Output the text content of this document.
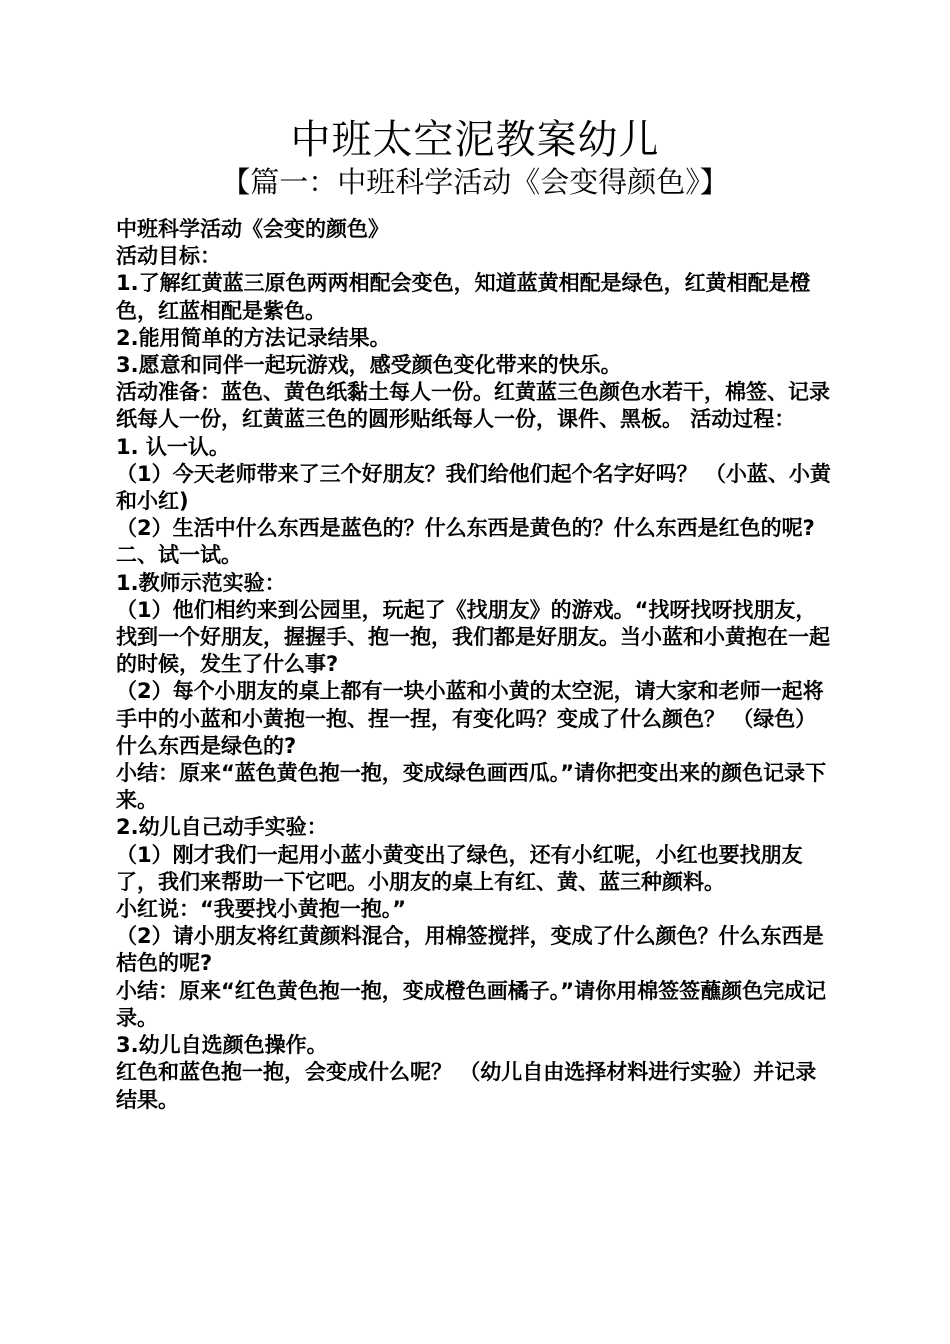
中班太空泥教案幼儿
【篇一：中班科学活动《会变得颜色》】

中班科学活动《会变的颜色》

活动目标：

1.了解红黄蓝三原色两两相配会变色，知道蓝黄相配是绿色，红黄相配是橙色，红蓝相配是紫色。

2.能用简单的方法记录结果。

3.愿意和同伴一起玩游戏，感受颜色变化带来的快乐。

活动准备：蓝色、黄色纸黏土每人一份。红黄蓝三色颜色水若干，棉签、记录纸每人一份，红黄蓝三色的圆形贴纸每人一份，课件、黑板。 活动过程：

1. 认一认。

（1）今天老师带来了三个好朋友？我们给他们起个名字好吗？ （小蓝、小黄和小红)

（2）生活中什么东西是蓝色的？什么东西是黄色的？什么东西是红色的呢?

二、试一试。

1.教师示范实验：

（1）他们相约来到公园里，玩起了《找朋友》的游戏。“找呀找呀找朋友，找到一个好朋友，握握手、抱一抱，我们都是好朋友。当小蓝和小黄抱在一起的时候，发生了什么事?

（2）每个小朋友的桌上都有一块小蓝和小黄的太空泥，请大家和老师一起将手中的小蓝和小黄抱一抱、捏一捏，有变化吗？变成了什么颜色？ （绿色）什么东西是绿色的?

小结：原来“蓝色黄色抱一抱，变成绿色画西瓜。”请你把变出来的颜色记录下来。

2.幼儿自己动手实验：

（1）刚才我们一起用小蓝小黄变出了绿色，还有小红呢，小红也要找朋友了，我们来帮助一下它吧。小朋友的桌上有红、黄、蓝三种颜料。

小红说：“我要找小黄抱一抱。”

（2）请小朋友将红黄颜料混合，用棉签搅拌，变成了什么颜色？什么东西是桔色的呢?

小结：原来“红色黄色抱一抱，变成橙色画橘子。”请你用棉签签蘸颜色完成记录。

3.幼儿自选颜色操作。

红色和蓝色抱一抱，会变成什么呢？ （幼儿自由选择材料进行实验）并记录结果。
